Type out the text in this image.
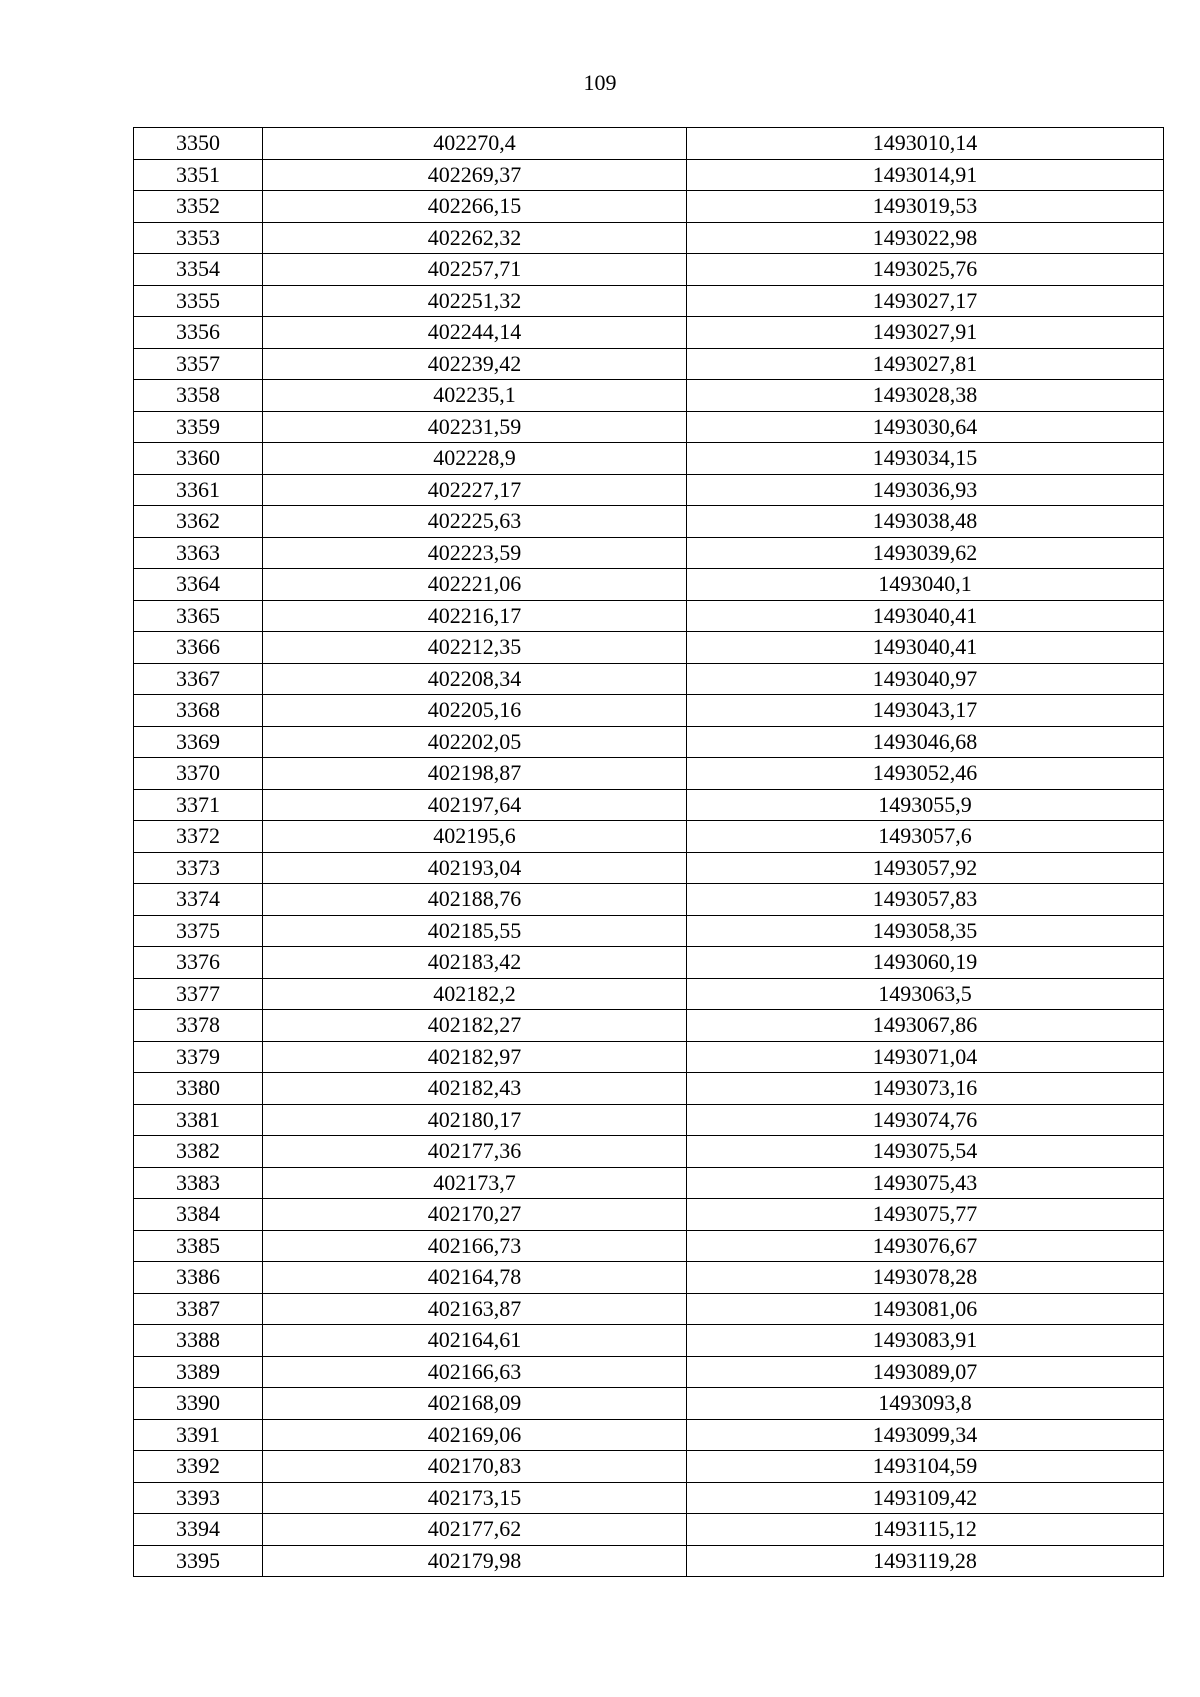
109
3350	402270,4	1493010,14
3351	402269,37	1493014,91
3352	402266,15	1493019,53
3353	402262,32	1493022,98
3354	402257,71	1493025,76
3355	402251,32	1493027,17
3356	402244,14	1493027,91
3357	402239,42	1493027,81
3358	402235,1	1493028,38
3359	402231,59	1493030,64
3360	402228,9	1493034,15
3361	402227,17	1493036,93
3362	402225,63	1493038,48
3363	402223,59	1493039,62
3364	402221,06	1493040,1
3365	402216,17	1493040,41
3366	402212,35	1493040,41
3367	402208,34	1493040,97
3368	402205,16	1493043,17
3369	402202,05	1493046,68
3370	402198,87	1493052,46
3371	402197,64	1493055,9
3372	402195,6	1493057,6
3373	402193,04	1493057,92
3374	402188,76	1493057,83
3375	402185,55	1493058,35
3376	402183,42	1493060,19
3377	402182,2	1493063,5
3378	402182,27	1493067,86
3379	402182,97	1493071,04
3380	402182,43	1493073,16
3381	402180,17	1493074,76
3382	402177,36	1493075,54
3383	402173,7	1493075,43
3384	402170,27	1493075,77
3385	402166,73	1493076,67
3386	402164,78	1493078,28
3387	402163,87	1493081,06
3388	402164,61	1493083,91
3389	402166,63	1493089,07
3390	402168,09	1493093,8
3391	402169,06	1493099,34
3392	402170,83	1493104,59
3393	402173,15	1493109,42
3394	402177,62	1493115,12
3395	402179,98	1493119,28
